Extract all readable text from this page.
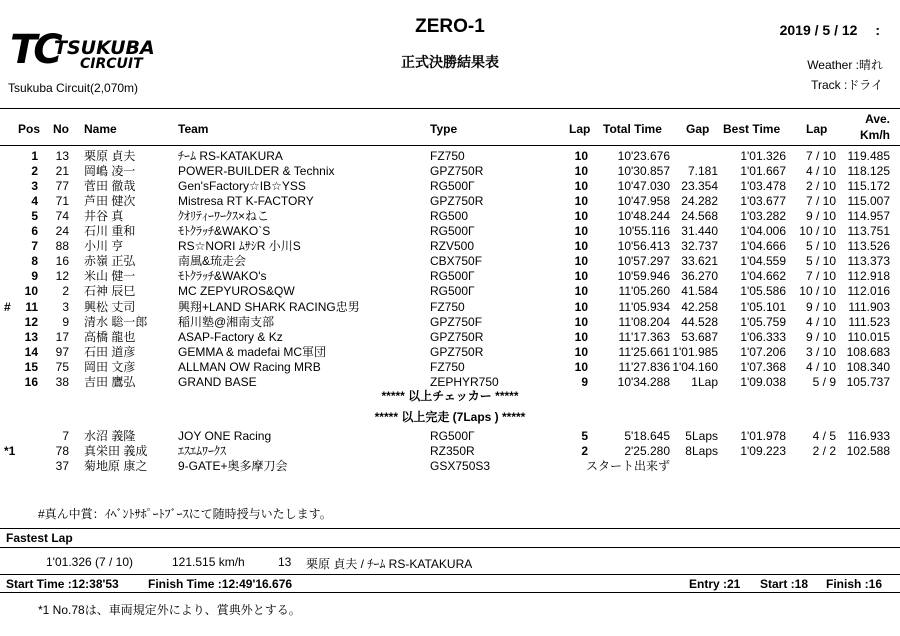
TC
TSUKUBA
CIRCUIT
Tsukuba Circuit(2,070m)
ZERO-1
正式決勝結果表
2019 / 5 / 12　 :
Weather :晴れ
Track :ドライ
Pos No Name	Team	Type	Lap Total Time Gap Best Time Lap
Ave.
Km/h
1	13 栗原 貞夫	ﾁｰﾑ RS-KATAKURA	FZ750	10	10'23.676	1'01.326	7 / 10 119.485
2	21 岡嶋 凌一	POWER-BUILDER & Technix	GPZ750R	10	10'30.857	7.181	1'01.667	4 / 10 118.125
3	77 菅田 徹哉	Gen'sFactory☆IB☆YSS	RG500Γ	10	10'47.030 23.354	1'03.478	2 / 10 115.172
4	71 芦田 健次	Mistresa RT K-FACTORY	GPZ750R	10	10'47.958 24.282	1'03.677	7 / 10 115.007
5	74 井谷 真	ｸｵﾘﾃｨｰﾜｰｸｽ×ねこ	RG500	10	10'48.244 24.568	1'03.282	9 / 10 114.957
6	24 石川 重和	ﾓﾄｸﾗｯﾁ&WAKO`S	RG500Γ	10	10'55.116 31.440	1'04.006	10 / 10 113.751
7	88 小川 亨	RS☆NORI ﾑｻｼR 小川S	RZV500	10	10'56.413 32.737	1'04.666	5 / 10 113.526
8	16 赤嶺 正弘	南風&琉走会	CBX750F	10	10'57.297 33.621	1'04.559	5 / 10 113.373
9	12 米山 健一	ﾓﾄｸﾗｯﾁ&WAKO's	RG500Γ	10	10'59.946 36.270	1'04.662	7 / 10 112.918
10	2 石神 辰巳	MC ZEPYUROS&QW	RG500Γ	10	11'05.260 41.584	1'05.586	10 / 10 112.016
#	11	3 興松 丈司	興翔+LAND SHARK RACING忠男	FZ750	10	11'05.934 42.258	1'05.101	9 / 10	111.903
12	9 清水 聡一郎	稲川塾@湘南支部	GPZ750F	10	11'08.204 44.528	1'05.759	4 / 10	111.523
13	17 高橋 龍也	ASAP-Factory & Kz	GPZ750R	10	11'17.363 53.687	1'06.333	9 / 10 110.015
14	97 石田 道彦	GEMMA & madefai MC軍団	GPZ750R	10	11'25.661 1'01.985	1'07.206	3 / 10 108.683
15	75 岡田 文彦	ALLMAN OW Racing MRB	FZ750	10	11'27.836 1'04.160	1'07.368	4 / 10 108.340
16	38 吉田 鷹弘	GRAND BASE	ZEPHYR750	9	10'34.288	1Lap	1'09.038	5 / 9 105.737
***** 以上チェッカー *****
***** 以上完走 (7Laps ) *****
7 水沼 義隆	JOY ONE Racing	RG500Γ	5	5'18.645	5Laps	1'01.978	4 / 5 116.933
*1	78 真栄田 義成	ｴｽｴﾑﾜｰｸｽ	RZ350R	2	2'25.280	8Laps	1'09.223	2 / 2 102.588
37 菊地原 康之	9-GATE+奥多摩刀会	GSX750S3	スタート出来ず
#真ん中賞：ｲﾍﾞﾝﾄｻﾎﾟｰﾄﾌﾞｰｽにて随時授与いたします。
Fastest Lap
1'01.326 (7 / 10)	121.515 km/h	13 栗原 貞夫 / ﾁｰﾑ RS-KATAKURA
Start Time :12:38'53 Finish Time :12:49'16.676	Entry :21 Start :18 Finish :16
*1 No.78は、車両規定外により、賞典外とする。
